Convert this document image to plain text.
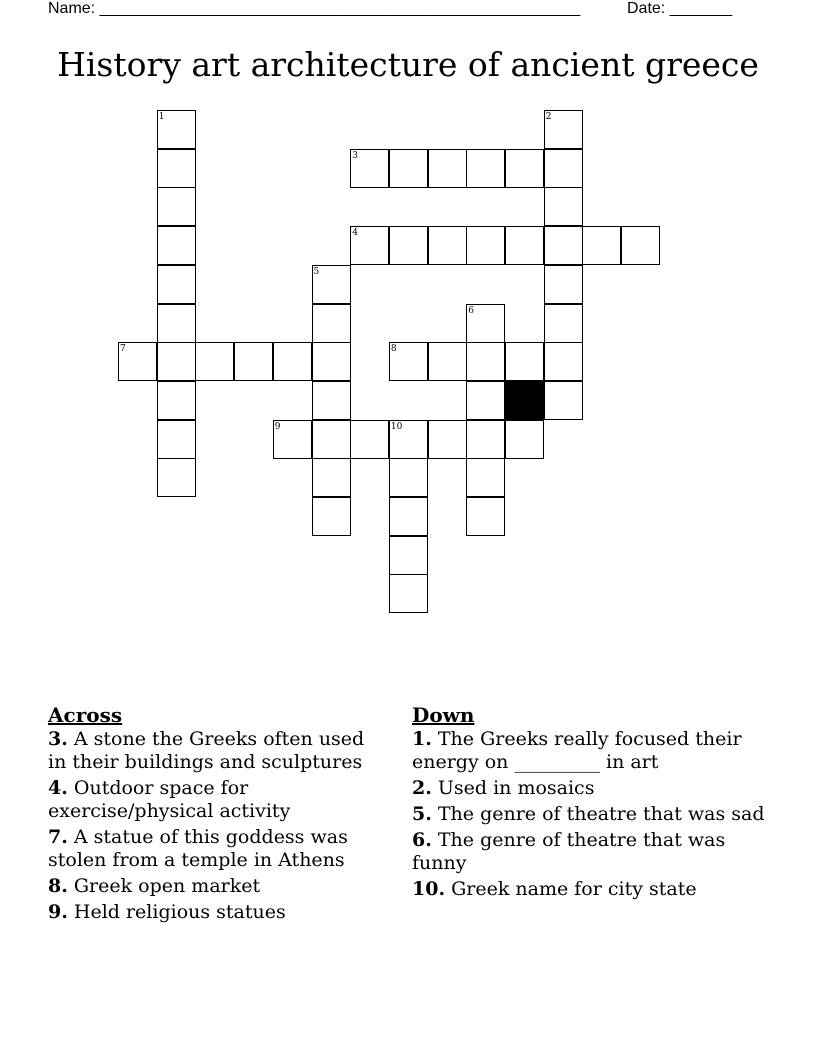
Name: ______________________________________________________	Date: _______
History art architecture of ancient greece
1	2
3
4
5
6
7	8
9	10
Across
3. A stone the Greeks often used in their buildings and sculptures
4. Outdoor space for exercise/physical activity
7. A statue of this goddess was stolen from a temple in Athens
8. Greek open market
9. Held religious statues
Down
1. The Greeks really focused their energy on _________ in art
2. Used in mosaics
5. The genre of theatre that was sad
6. The genre of theatre that was funny
10. Greek name for city state
